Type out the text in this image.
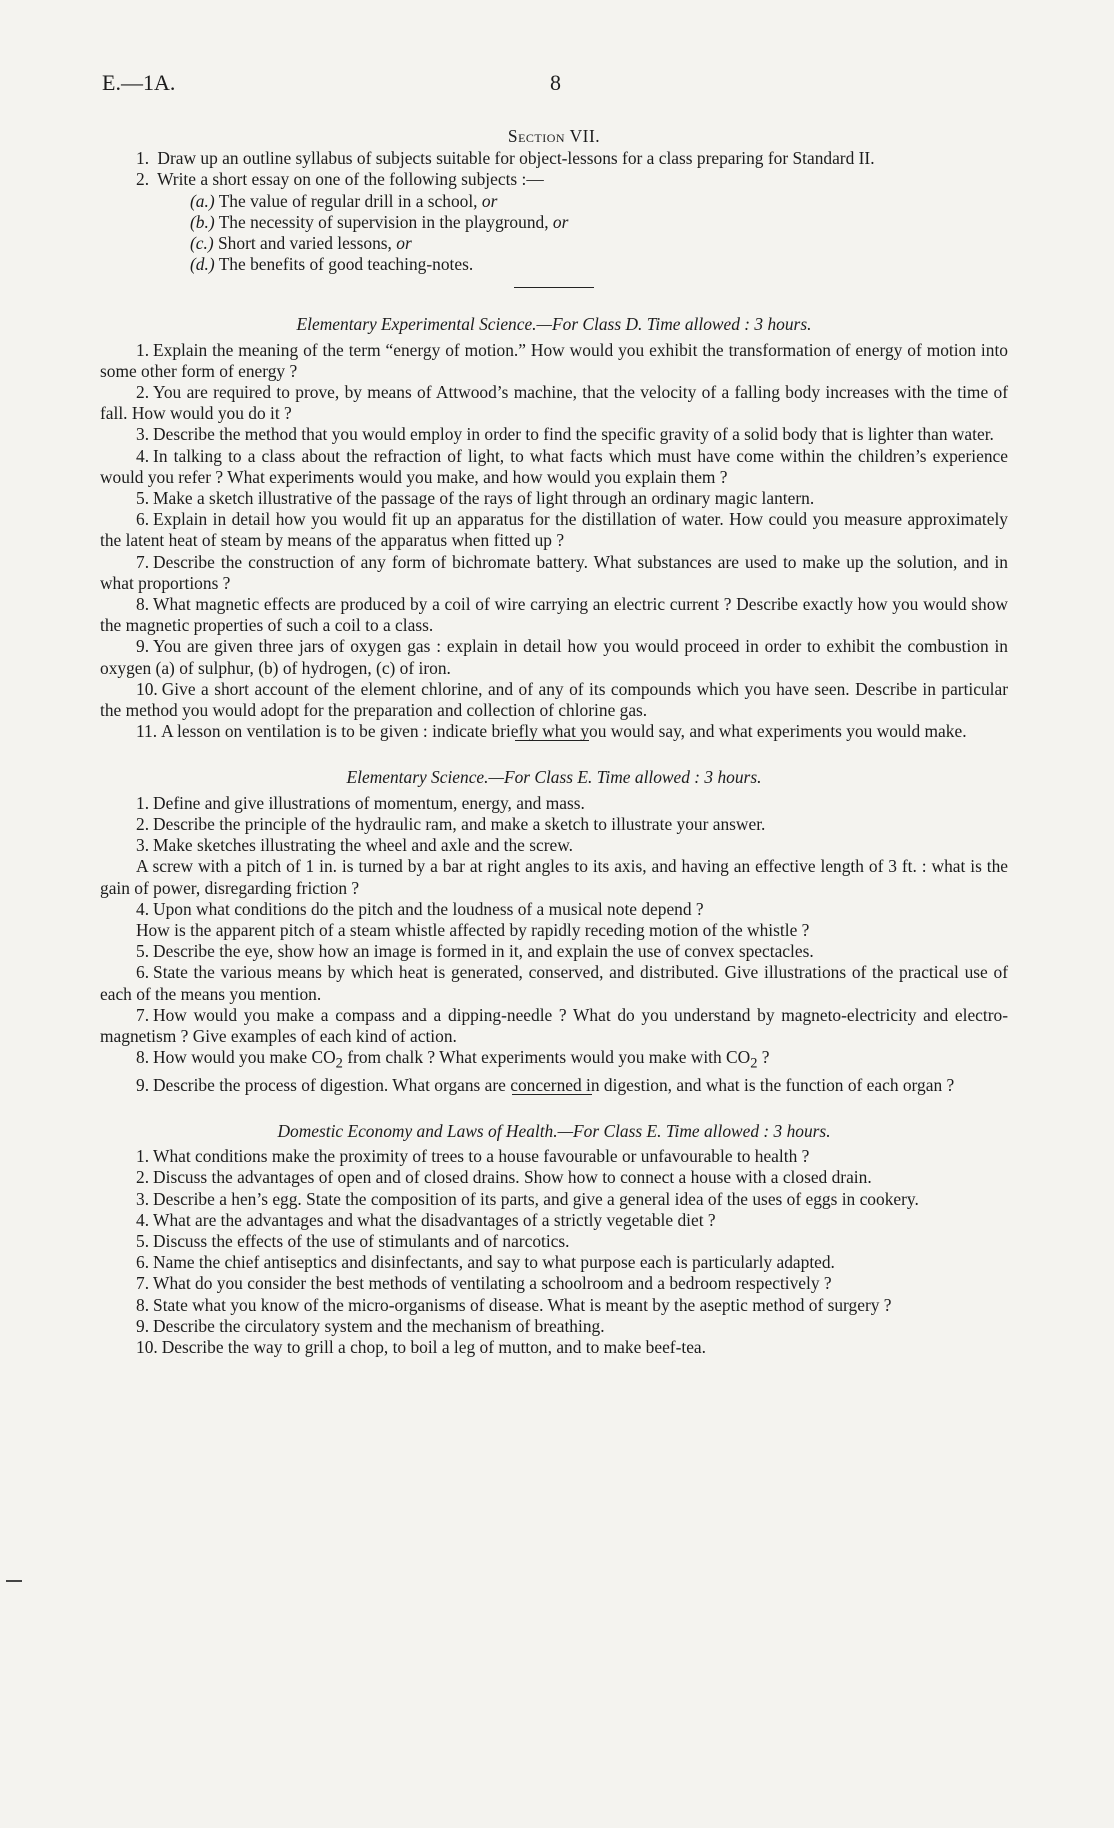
E.—1A.	8
Section VII.

1. Draw up an outline syllabus of subjects suitable for object-lessons for a class preparing for Standard II.

2. Write a short essay on one of the following subjects :—

(a.) The value of regular drill in a school, or
(b.) The necessity of supervision in the playground, or
(c.) Short and varied lessons, or
(d.) The benefits of good teaching-notes.
Elementary Experimental Science.—For Class D. Time allowed : 3 hours.

1. Explain the meaning of the term “energy of motion.” How would you exhibit the transformation of energy of motion into some other form of energy ?

2. You are required to prove, by means of Attwood’s machine, that the velocity of a falling body increases with the time of fall. How would you do it ?

3. Describe the method that you would employ in order to find the specific gravity of a solid body that is lighter than water.

4. In talking to a class about the refraction of light, to what facts which must have come within the children’s experience would you refer ? What experiments would you make, and how would you explain them ?

5. Make a sketch illustrative of the passage of the rays of light through an ordinary magic lantern.

6. Explain in detail how you would fit up an apparatus for the distillation of water. How could you measure approximately the latent heat of steam by means of the apparatus when fitted up ?

7. Describe the construction of any form of bichromate battery. What substances are used to make up the solution, and in what proportions ?

8. What magnetic effects are produced by a coil of wire carrying an electric current ? Describe exactly how you would show the magnetic properties of such a coil to a class.

9. You are given three jars of oxygen gas : explain in detail how you would proceed in order to exhibit the combustion in oxygen (a) of sulphur, (b) of hydrogen, (c) of iron.

10. Give a short account of the element chlorine, and of any of its compounds which you have seen. Describe in particular the method you would adopt for the preparation and collection of chlorine gas.

11. A lesson on ventilation is to be given : indicate briefly what you would say, and what experiments you would make.

Elementary Science.—For Class E. Time allowed : 3 hours.

1. Define and give illustrations of momentum, energy, and mass.

2. Describe the principle of the hydraulic ram, and make a sketch to illustrate your answer.

3. Make sketches illustrating the wheel and axle and the screw.

A screw with a pitch of 1 in. is turned by a bar at right angles to its axis, and having an effective length of 3 ft. : what is the gain of power, disregarding friction ?

4. Upon what conditions do the pitch and the loudness of a musical note depend ?

How is the apparent pitch of a steam whistle affected by rapidly receding motion of the whistle ?

5. Describe the eye, show how an image is formed in it, and explain the use of convex spectacles.

6. State the various means by which heat is generated, conserved, and distributed. Give illustrations of the practical use of each of the means you mention.

7. How would you make a compass and a dipping-needle ? What do you understand by magneto-electricity and electro-magnetism ? Give examples of each kind of action.

8. How would you make $CO_2$ from chalk ? What experiments would you make with $CO_2$ ?

9. Describe the process of digestion. What organs are concerned in digestion, and what is the function of each organ ?

Domestic Economy and Laws of Health.—For Class E. Time allowed : 3 hours.

1. What conditions make the proximity of trees to a house favourable or unfavourable to health ?

2. Discuss the advantages of open and of closed drains. Show how to connect a house with a closed drain.

3. Describe a hen’s egg. State the composition of its parts, and give a general idea of the uses of eggs in cookery.

4. What are the advantages and what the disadvantages of a strictly vegetable diet ?

5. Discuss the effects of the use of stimulants and of narcotics.

6. Name the chief antiseptics and disinfectants, and say to what purpose each is particularly adapted.

7. What do you consider the best methods of ventilating a schoolroom and a bedroom respectively ?

8. State what you know of the micro-organisms of disease. What is meant by the aseptic method of surgery ?

9. Describe the circulatory system and the mechanism of breathing.

10. Describe the way to grill a chop, to boil a leg of mutton, and to make beef-tea.
